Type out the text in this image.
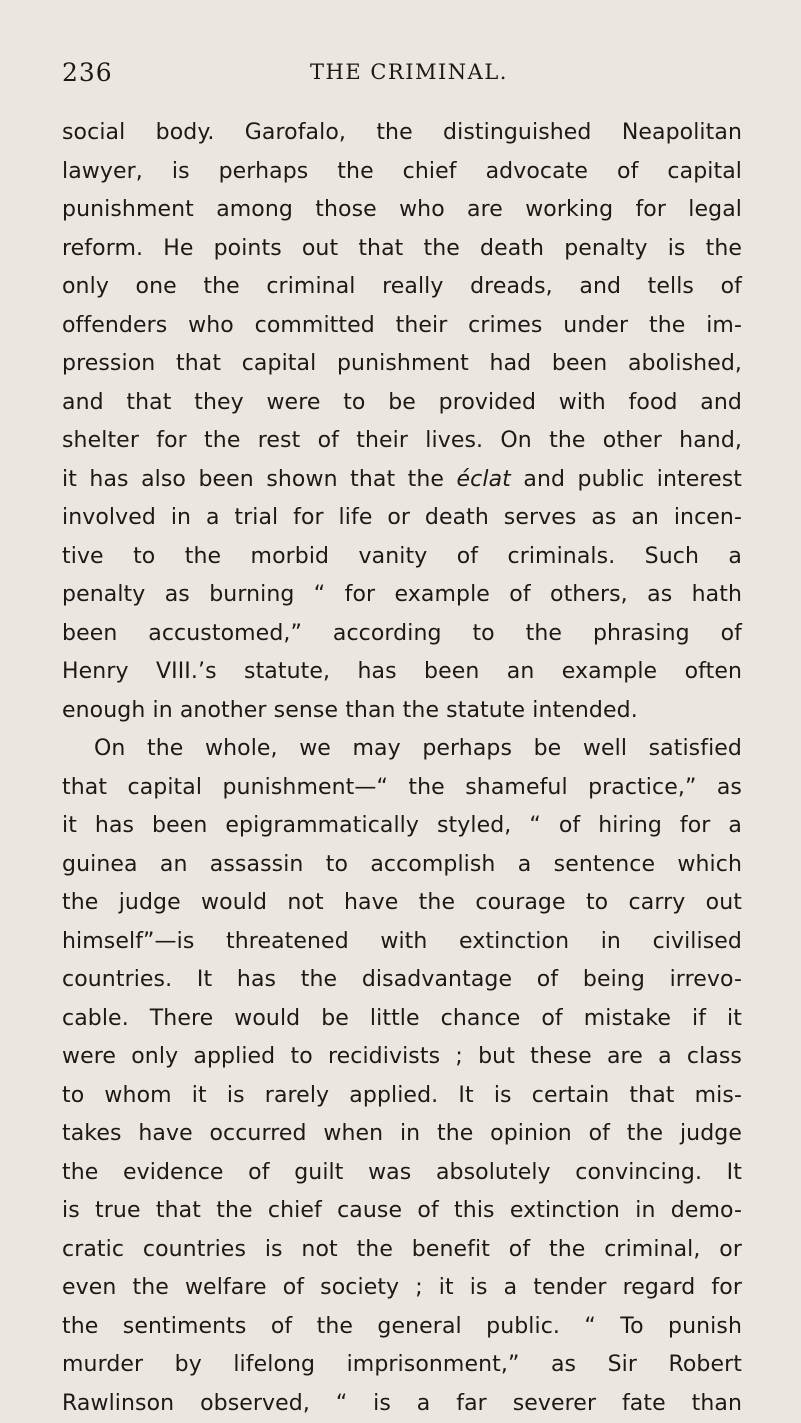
236	THE CRIMINAL.
social body. Garofalo, the distinguished Neapolitan
lawyer, is perhaps the chief advocate of capital
punishment among those who are working for legal
reform. He points out that the death penalty is the
only one the criminal really dreads, and tells of
offenders who committed their crimes under the im-
pression that capital punishment had been abolished,
and that they were to be provided with food and
shelter for the rest of their lives. On the other hand,
it has also been shown that the éclat and public interest
involved in a trial for life or death serves as an incen-
tive to the morbid vanity of criminals. Such a
penalty as burning “ for example of others, as hath
been accustomed,” according to the phrasing of
Henry VIII.’s statute, has been an example often
enough in another sense than the statute intended.
On the whole, we may perhaps be well satisfied
that capital punishment—“ the shameful practice,” as
it has been epigrammatically styled, “ of hiring for a
guinea an assassin to accomplish a sentence which
the judge would not have the courage to carry out
himself”—is threatened with extinction in civilised
countries. It has the disadvantage of being irrevo-
cable. There would be little chance of mistake if it
were only applied to recidivists ; but these are a class
to whom it is rarely applied. It is certain that mis-
takes have occurred when in the opinion of the judge
the evidence of guilt was absolutely convincing. It
is true that the chief cause of this extinction in demo-
cratic countries is not the benefit of the criminal, or
even the welfare of society ; it is a tender regard for
the sentiments of the general public. “ To punish
murder by lifelong imprisonment,” as Sir Robert
Rawlinson observed, “ is a far severer fate than
